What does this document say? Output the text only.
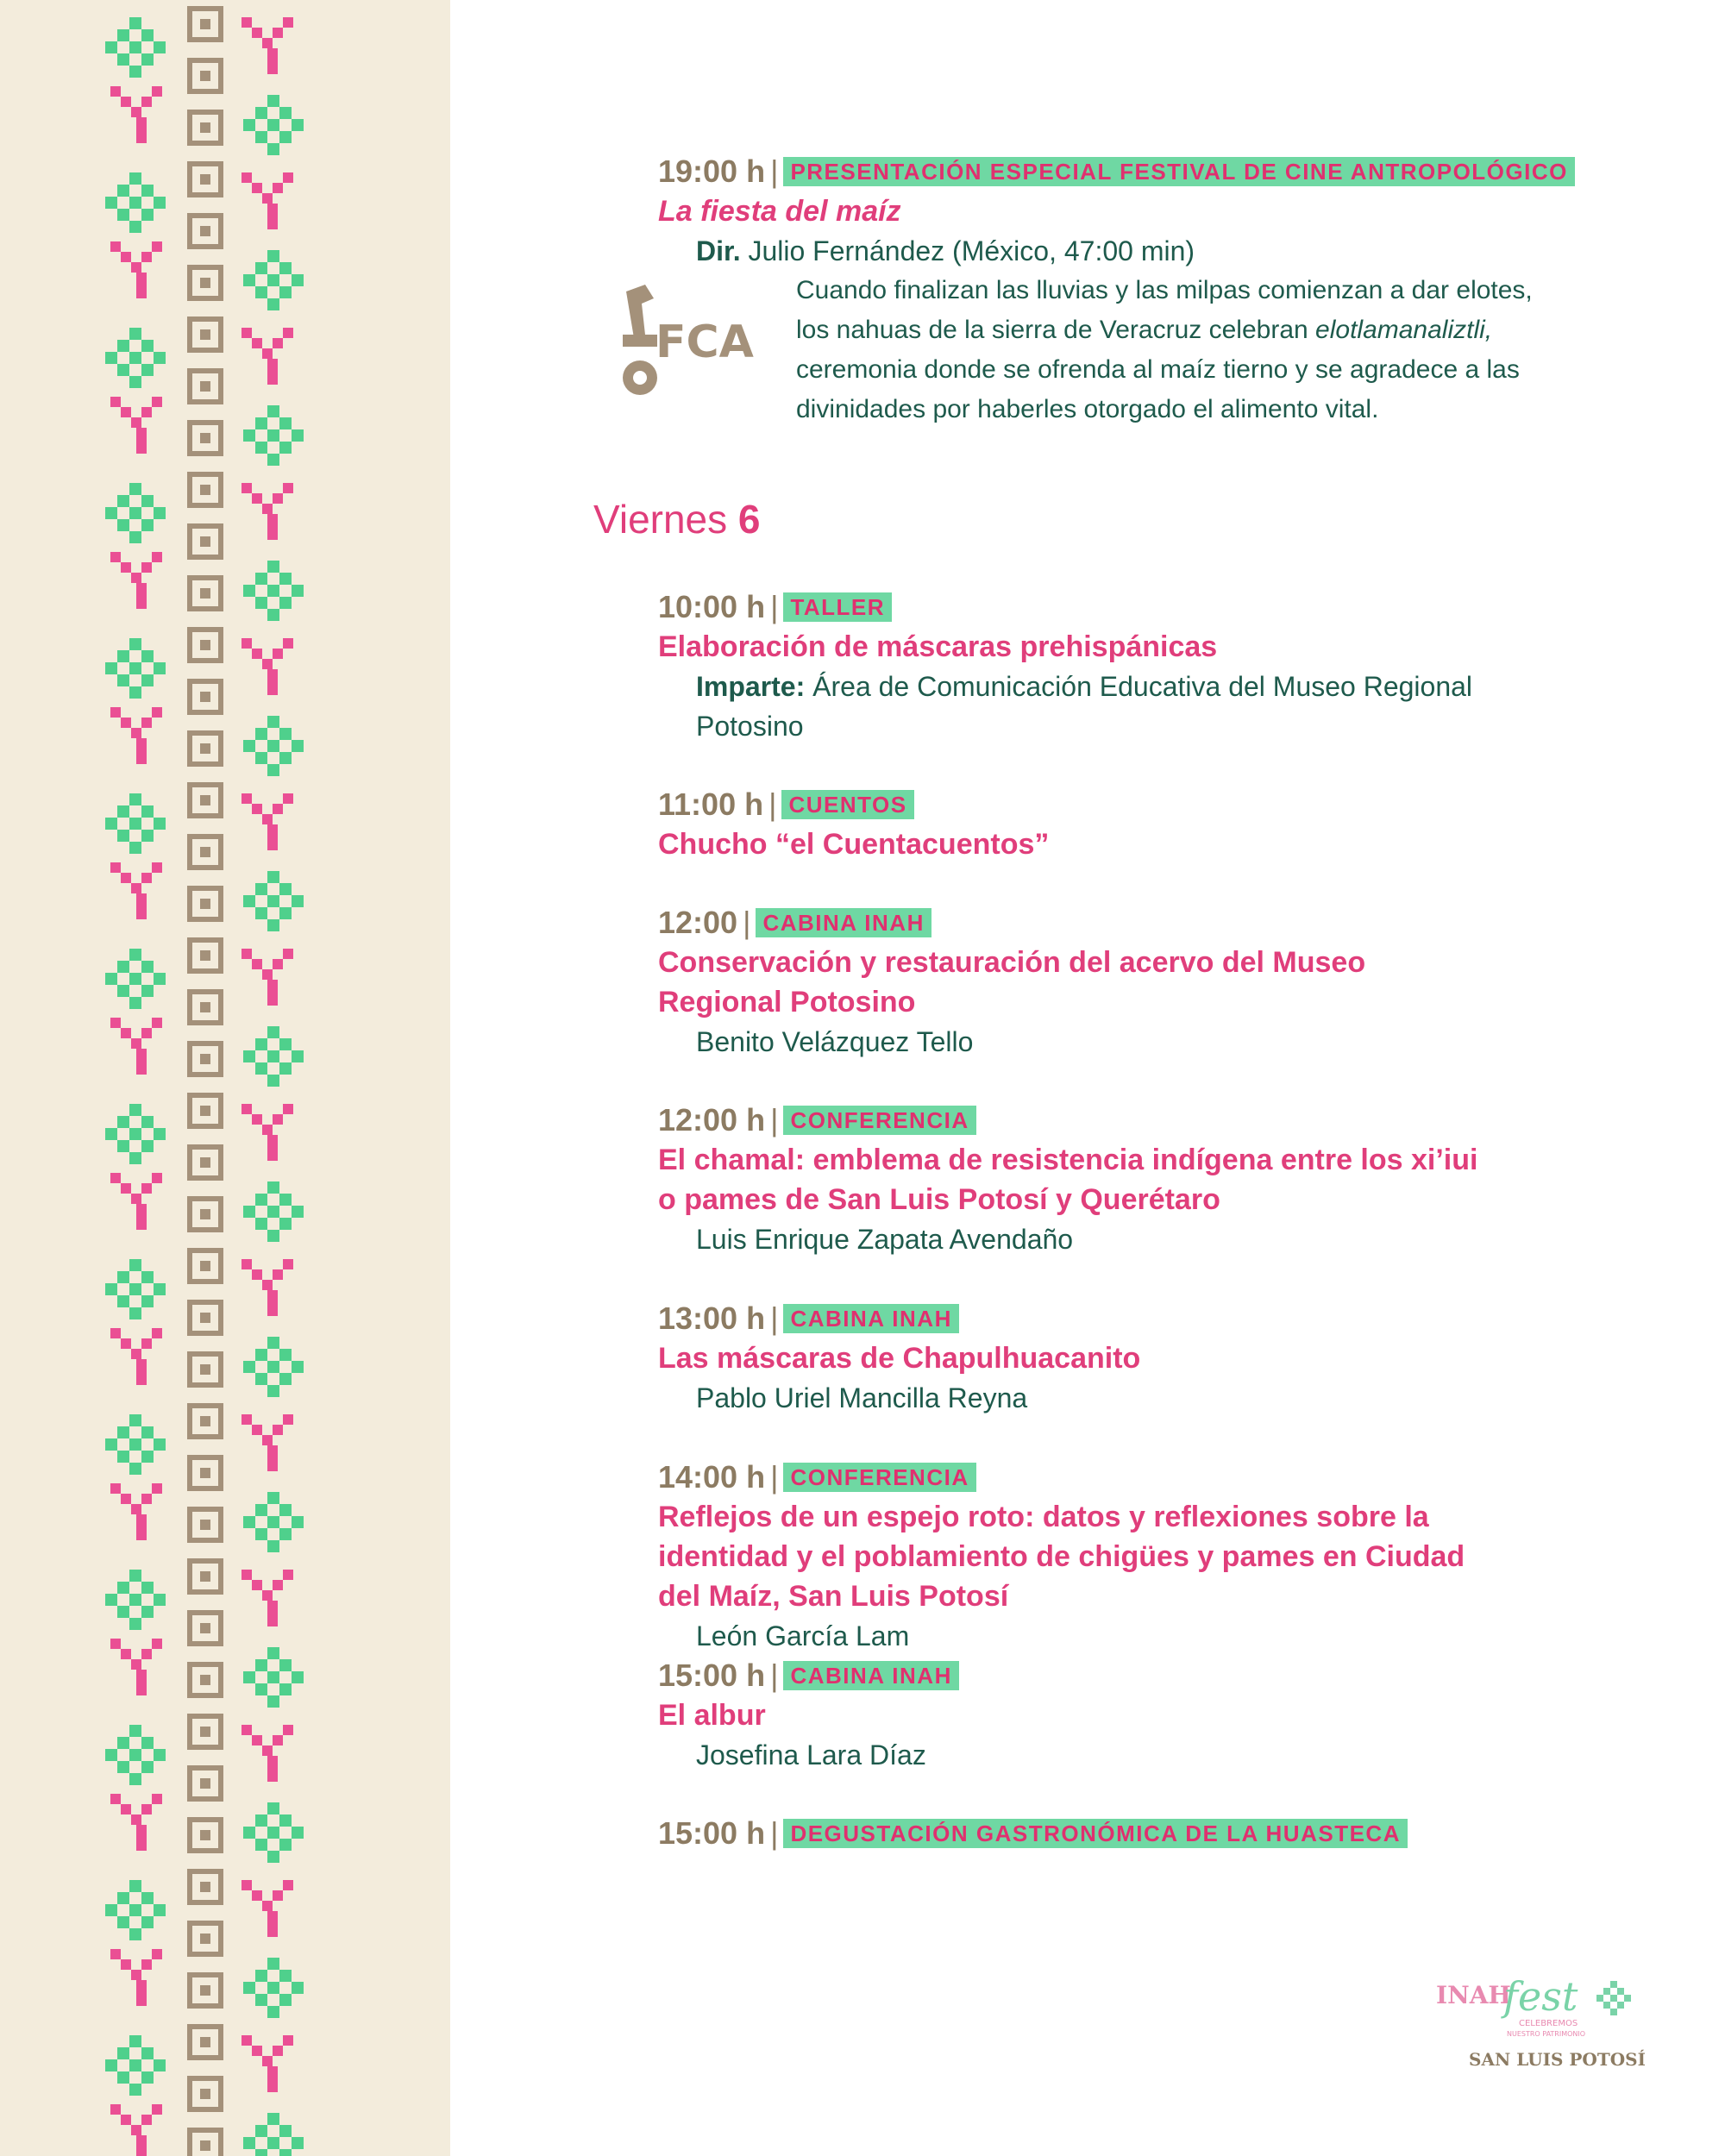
19:00 h | PRESENTACIÓN ESPECIAL FESTIVAL DE CINE ANTROPOLÓGICO
La fiesta del maíz
Dir. Julio Fernández (México, 47:00 min)
Cuando finalizan las lluvias y las milpas comienzan a dar elotes,
los nahuas de la sierra de Veracruz celebran elotlamanaliztli,
ceremonia donde se ofrenda al maíz tierno y se agradece a las
divinidades por haberles otorgado el alimento vital.
FCA
Viernes 6
10:00 h | TALLER
Elaboración de máscaras prehispánicas
Imparte: Área de Comunicación Educativa del Museo Regional
Potosino
11:00 h | CUENTOS
Chucho “el Cuentacuentos”
12:00 | CABINA INAH
Conservación y restauración del acervo del Museo
Regional Potosino
Benito Velázquez Tello
12:00 h | CONFERENCIA
El chamal: emblema de resistencia indígena entre los xi’iui
o pames de San Luis Potosí y Querétaro
Luis Enrique Zapata Avendaño
13:00 h | CABINA INAH
Las máscaras de Chapulhuacanito
Pablo Uriel Mancilla Reyna
14:00 h | CONFERENCIA
Reflejos de un espejo roto: datos y reflexiones sobre la
identidad y el poblamiento de chigües y pames en Ciudad
del Maíz, San Luis Potosí
León García Lam
15:00 h | CABINA INAH
El albur
Josefina Lara Díaz
15:00 h | DEGUSTACIÓN GASTRONÓMICA DE LA HUASTECA
INAH
fest
CELEBREMOS
NUESTRO PATRIMONIO
SAN LUIS POTOSÍ
